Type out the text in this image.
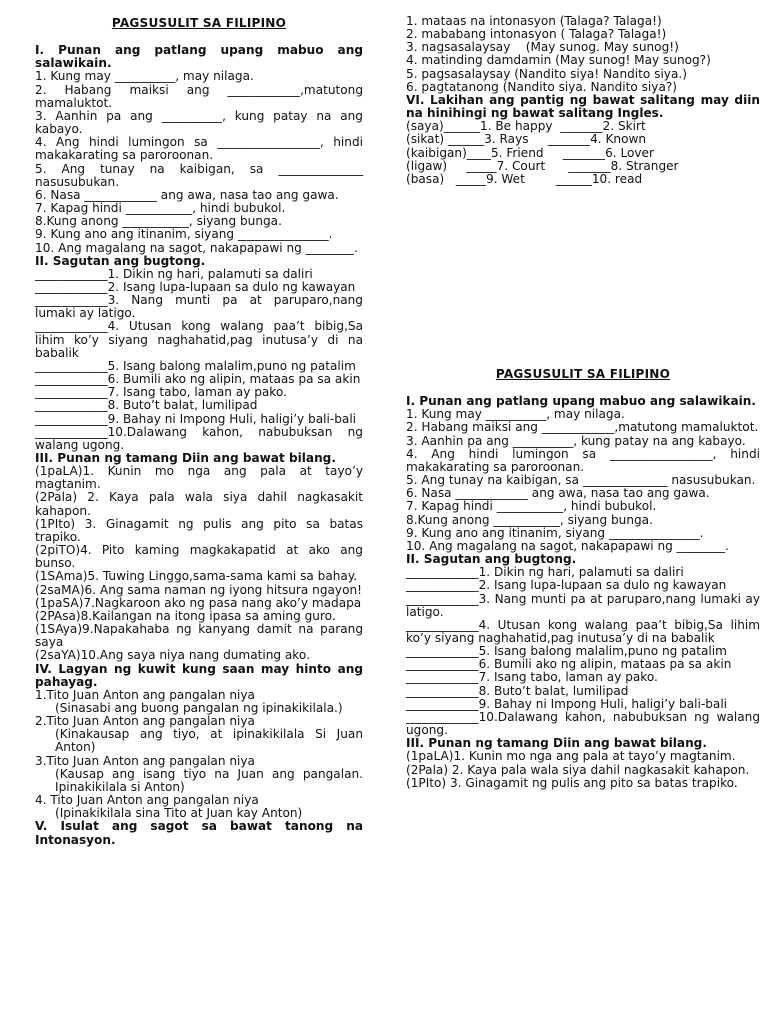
PAGSUSULIT SA FILIPINO
I. Punan ang patlang upang mabuo ang salawikain.
1. Kung may __________, may nilaga.
2. Habang maiksi ang ____________,matutong mamaluktot.
3. Aanhin pa ang __________, kung patay na ang kabayo.
4. Ang hindi lumingon sa _________________, hindi makakarating sa paroroonan.
5. Ang tunay na kaibigan, sa ______________ nasusubukan.
6. Nasa ____________ ang awa, nasa tao ang gawa.
7. Kapag hindi ___________, hindi bubukol.
8.Kung anong ___________, siyang bunga.
9. Kung ano ang itinanim, siyang _______________.
10. Ang magalang na sagot, nakapapawi ng ________.
II. Sagutan ang bugtong.
____________1. Dikin ng hari, palamuti sa daliri
____________2. Isang lupa-lupaan sa dulo ng kawayan
____________3. Nang munti pa at paruparo,nang lumaki ay latigo.
____________4. Utusan kong walang paa’t bibig,Sa lihim ko’y siyang naghahatid,pag inutusa’y di na babalik
____________5. Isang balong malalim,puno ng patalim
____________6. Bumili ako ng alipin, mataas pa sa akin
____________7. Isang tabo, laman ay pako.
____________8. Buto’t balat, lumilipad
____________9. Bahay ni Impong Huli, haligi’y bali-bali
____________10.Dalawang kahon, nabubuksan ng walang ugong.
III. Punan ng tamang Diin ang bawat bilang.
(1paLA)1. Kunin mo nga ang pala at tayo’y magtanim.
(2Pala) 2. Kaya pala wala siya dahil nagkasakit kahapon.
(1PIto) 3. Ginagamit ng pulis ang pito sa batas trapiko.
(2piTO)4. Pito kaming magkakapatid at ako ang bunso.
(1SAma)5. Tuwing Linggo,sama-sama kami sa bahay.
(2saMA)6. Ang sama naman ng iyong hitsura ngayon!
(1paSA)7.Nagkaroon ako ng pasa nang ako’y madapa
(2PAsa)8.Kailangan na itong ipasa sa aming guro.
(1SAya)9.Napakahaba ng kanyang damit na parang saya
(2saYA)10.Ang saya niya nang dumating ako.
IV. Lagyan ng kuwit kung saan may hinto ang pahayag.
1.Tito Juan Anton ang pangalan niya
(Sinasabi ang buong pangalan ng ipinakikilala.)
2.Tito Juan Anton ang pangalan niya
(Kinakausap ang tiyo, at ipinakikilala Si Juan Anton)
3.Tito Juan Anton ang pangalan niya
(Kausap ang isang tiyo na Juan ang pangalan. Ipinakikilala si Anton)
4. Tito Juan Anton ang pangalan niya
(Ipinakikilala sina Tito at Juan kay Anton)
V. Isulat ang sagot sa bawat tanong na Intonasyon.
1. mataas na intonasyon (Talaga? Talaga!)
2. mababang intonasyon ( Talaga? Talaga!)
3. nagsasalaysay    (May sunog. May sunog!)
4. matinding damdamin (May sunog! May sunog?)
5. pagsasalaysay (Nandito siya! Nandito siya.)
6. pagtatanong (Nandito siya. Nandito siya?)
VI. Lakihan ang pantig ng bawat salitang may diin na hinihingi ng bawat salitang Ingles.
(saya)______1. Be happy  _______2. Skirt
(sikat) ______3. Rays     _______4. Known
(kaibigan)____5. Friend     _______6. Lover
(ligaw)     _____7. Court      _______8. Stranger
(basa)   _____9. Wet        ______10. read
PAGSUSULIT SA FILIPINO
I. Punan ang patlang upang mabuo ang salawikain.
1. Kung may __________, may nilaga.
2. Habang maiksi ang ____________,matutong mamaluktot.
3. Aanhin pa ang __________, kung patay na ang kabayo.
4. Ang hindi lumingon sa _________________, hindi makakarating sa paroroonan.
5. Ang tunay na kaibigan, sa ______________ nasusubukan.
6. Nasa ____________ ang awa, nasa tao ang gawa.
7. Kapag hindi ___________, hindi bubukol.
8.Kung anong ___________, siyang bunga.
9. Kung ano ang itinanim, siyang _______________.
10. Ang magalang na sagot, nakapapawi ng ________.
II. Sagutan ang bugtong.
____________1. Dikin ng hari, palamuti sa daliri
____________2. Isang lupa-lupaan sa dulo ng kawayan
____________3. Nang munti pa at paruparo,nang lumaki ay latigo.
____________4. Utusan kong walang paa’t bibig,Sa lihim ko’y siyang naghahatid,pag inutusa’y di na babalik
____________5. Isang balong malalim,puno ng patalim
____________6. Bumili ako ng alipin, mataas pa sa akin
____________7. Isang tabo, laman ay pako.
____________8. Buto’t balat, lumilipad
____________9. Bahay ni Impong Huli, haligi’y bali-bali
____________10.Dalawang kahon, nabubuksan ng walang ugong.
III. Punan ng tamang Diin ang bawat bilang.
(1paLA)1. Kunin mo nga ang pala at tayo’y magtanim.
(2Pala) 2. Kaya pala wala siya dahil nagkasakit kahapon.
(1PIto) 3. Ginagamit ng pulis ang pito sa batas trapiko.
